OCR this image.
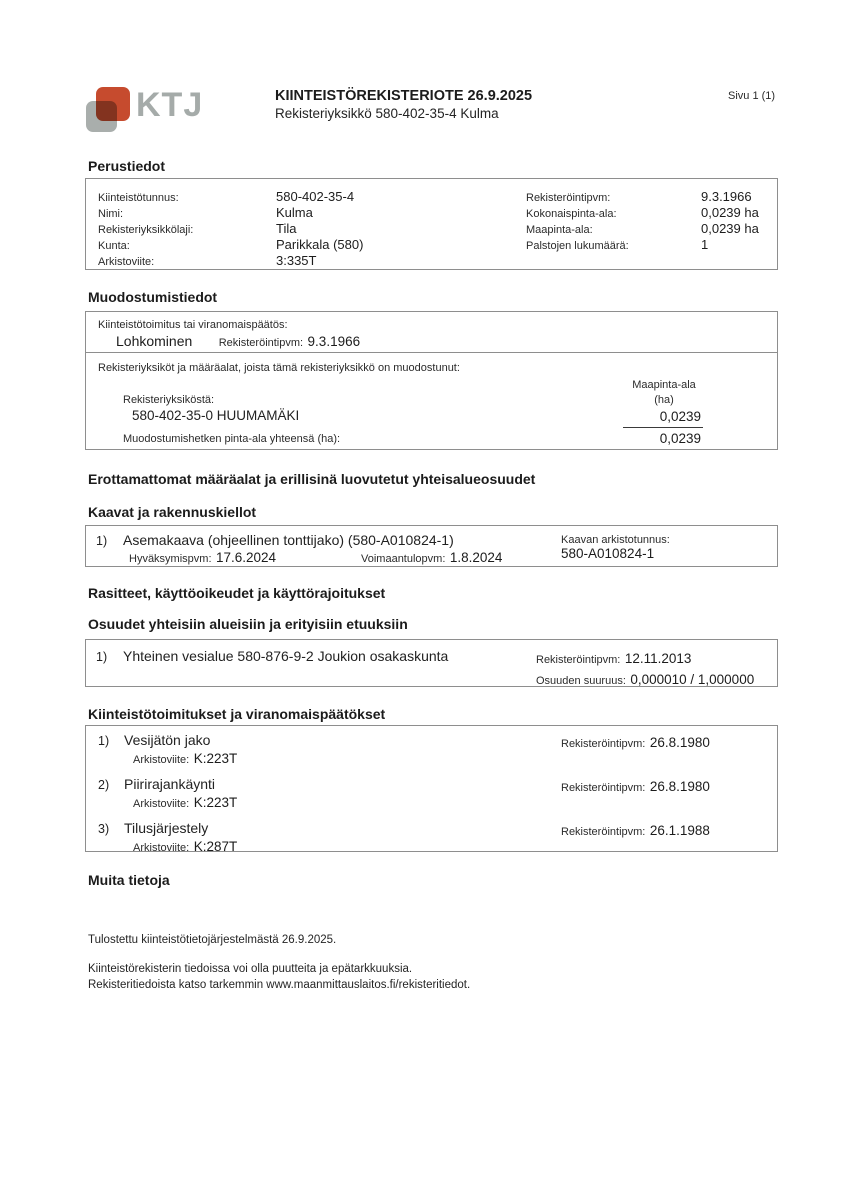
KTJ	KIINTEISTÖREKISTERIOTE 26.9.2025
Rekisteriyksikkö 580-402-35-4 Kulma
Sivu 1 (1)
Perustiedot
Kiinteistötunnus:	580-402-35-4
Nimi:	Kulma
Rekisteriyksikkölaji:	Tila
Kunta:	Parikkala (580)
Arkistoviite:	3:335T
Rekisteröintipvm:	9.3.1966
Kokonaispinta-ala:	0,0239 ha
Maapinta-ala:	0,0239 ha
Palstojen lukumäärä:	1
Muodostumistiedot
Kiinteistötoimitus tai viranomaispäätös:
Lohkominen Rekisteröintipvm: 9.3.1966
Rekisteriyksiköt ja määräalat, joista tämä rekisteriyksikkö on muodostunut:
Maapinta-ala
(ha)
Rekisteriyksiköstä:
580-402-35-0 HUUMAMÄKI	0,0239
Muodostumishetken pinta-ala yhteensä (ha):	0,0239
Erottamattomat määräalat ja erillisinä luovutetut yhteisalueosuudet
Kaavat ja rakennuskiellot
1) Asemakaava (ohjeellinen tonttijako) (580-A010824-1)
Hyväksymispvm: 17.6.2024	Voimaantulopvm: 1.8.2024
Kaavan arkistotunnus:
580-A010824-1
Rasitteet, käyttöoikeudet ja käyttörajoitukset
Osuudet yhteisiin alueisiin ja erityisiin etuuksiin
1) Yhteinen vesialue 580-876-9-2 Joukion osakaskunta	Rekisteröintipvm: 12.11.2013
Osuuden suuruus: 0,000010 / 1,000000
Kiinteistötoimitukset ja viranomaispäätökset
1) Vesijätön jako
Arkistoviite: K:223T
Rekisteröintipvm: 26.8.1980
2) Piirirajankäynti
Arkistoviite: K:223T
Rekisteröintipvm: 26.8.1980
3) Tilusjärjestely
Arkistoviite: K:287T
Rekisteröintipvm: 26.1.1988
Muita tietoja
Tulostettu kiinteistötietojärjestelmästä 26.9.2025.
Kiinteistörekisterin tiedoissa voi olla puutteita ja epätarkkuuksia.
Rekisteritiedoista katso tarkemmin www.maanmittauslaitos.fi/rekisteritiedot.
